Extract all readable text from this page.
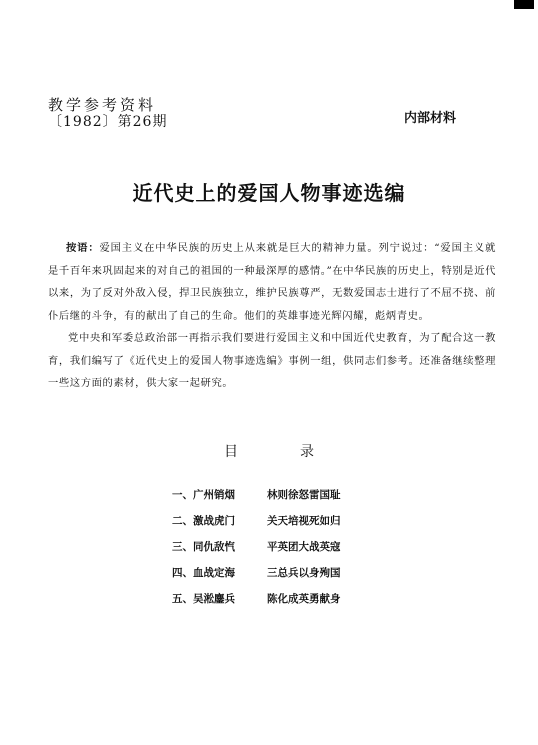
教学参考资料
〔1982〕第26期	内部材料
近代史上的爱国人物事迹选编

按语：爱国主义在中华民族的历史上从来就是巨大的精神力量。列宁说过：“爱国主义就是千百年来巩固起来的对自己的祖国的一种最深厚的感情。”在中华民族的历史上，特别是近代以来，为了反对外敌入侵，捍卫民族独立，维护民族尊严，无数爱国志士进行了不屈不挠、前仆后继的斗争，有的献出了自己的生命。他们的英雄事迹光辉闪耀，彪炳青史。

党中央和军委总政治部一再指示我们要进行爱国主义和中国近代史教育，为了配合这一教育，我们编写了《近代史上的爱国人物事迹选编》事例一组，供同志们参考。还准备继续整理一些这方面的素材，供大家一起研究。

目	录
一、广州销烟	林则徐怒雷国耻
二、激战虎门	关天培视死如归
三、同仇敌忾	平英团大战英寇
四、血战定海	三总兵以身殉国
五、吴淞鏖兵	陈化成英勇献身
